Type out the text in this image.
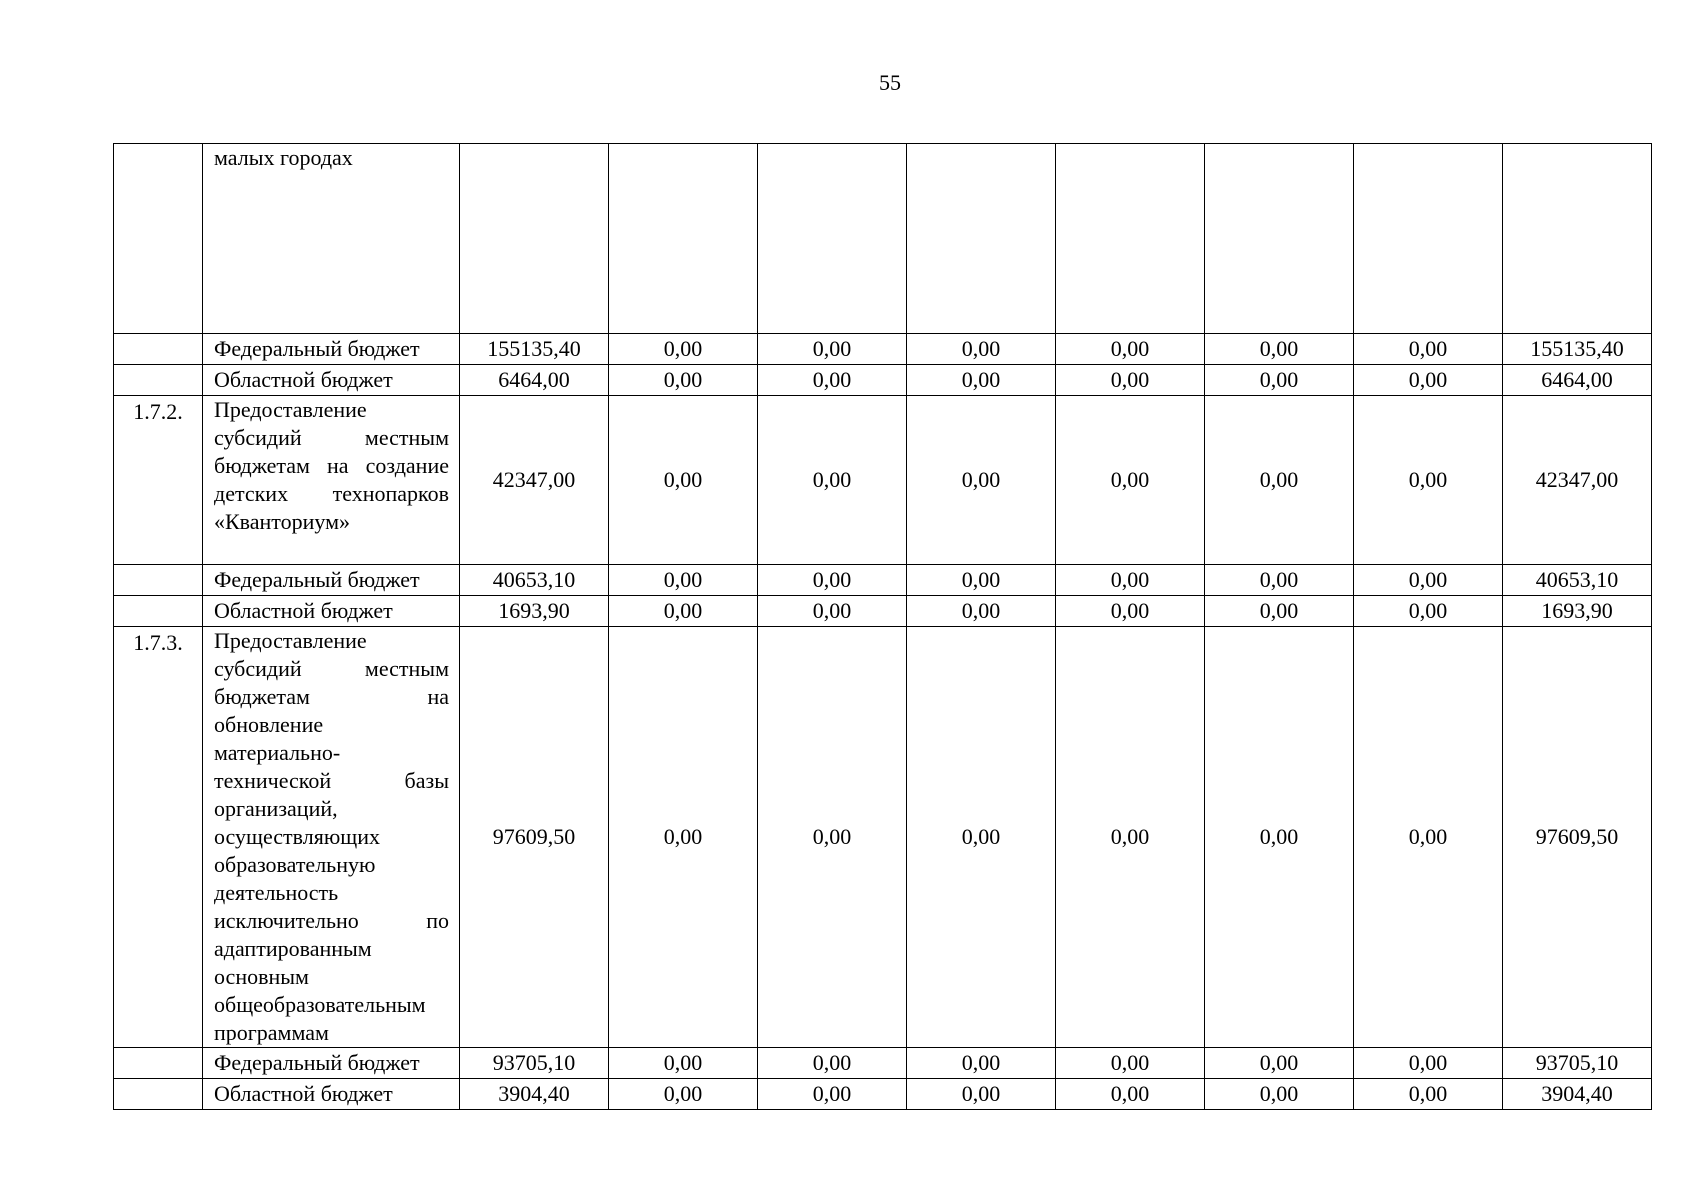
55
	малых городах								
	Федеральный бюджет	155135,40	0,00	0,00	0,00	0,00	0,00	0,00	155135,40
	Областной бюджет	6464,00	0,00	0,00	0,00	0,00	0,00	0,00	6464,00
1.7.2.	Предоставление субсидий местным бюджетам на создание детских технопарков «Кванториум»	42347,00	0,00	0,00	0,00	0,00	0,00	0,00	42347,00
	Федеральный бюджет	40653,10	0,00	0,00	0,00	0,00	0,00	0,00	40653,10
	Областной бюджет	1693,90	0,00	0,00	0,00	0,00	0,00	0,00	1693,90
1.7.3.	Предоставление субсидий местным бюджетам на обновление материально-технической базы организаций, осуществляющих образовательную деятельность исключительно по адаптированным основным общеобразовательным программам	97609,50	0,00	0,00	0,00	0,00	0,00	0,00	97609,50
	Федеральный бюджет	93705,10	0,00	0,00	0,00	0,00	0,00	0,00	93705,10
	Областной бюджет	3904,40	0,00	0,00	0,00	0,00	0,00	0,00	3904,40
